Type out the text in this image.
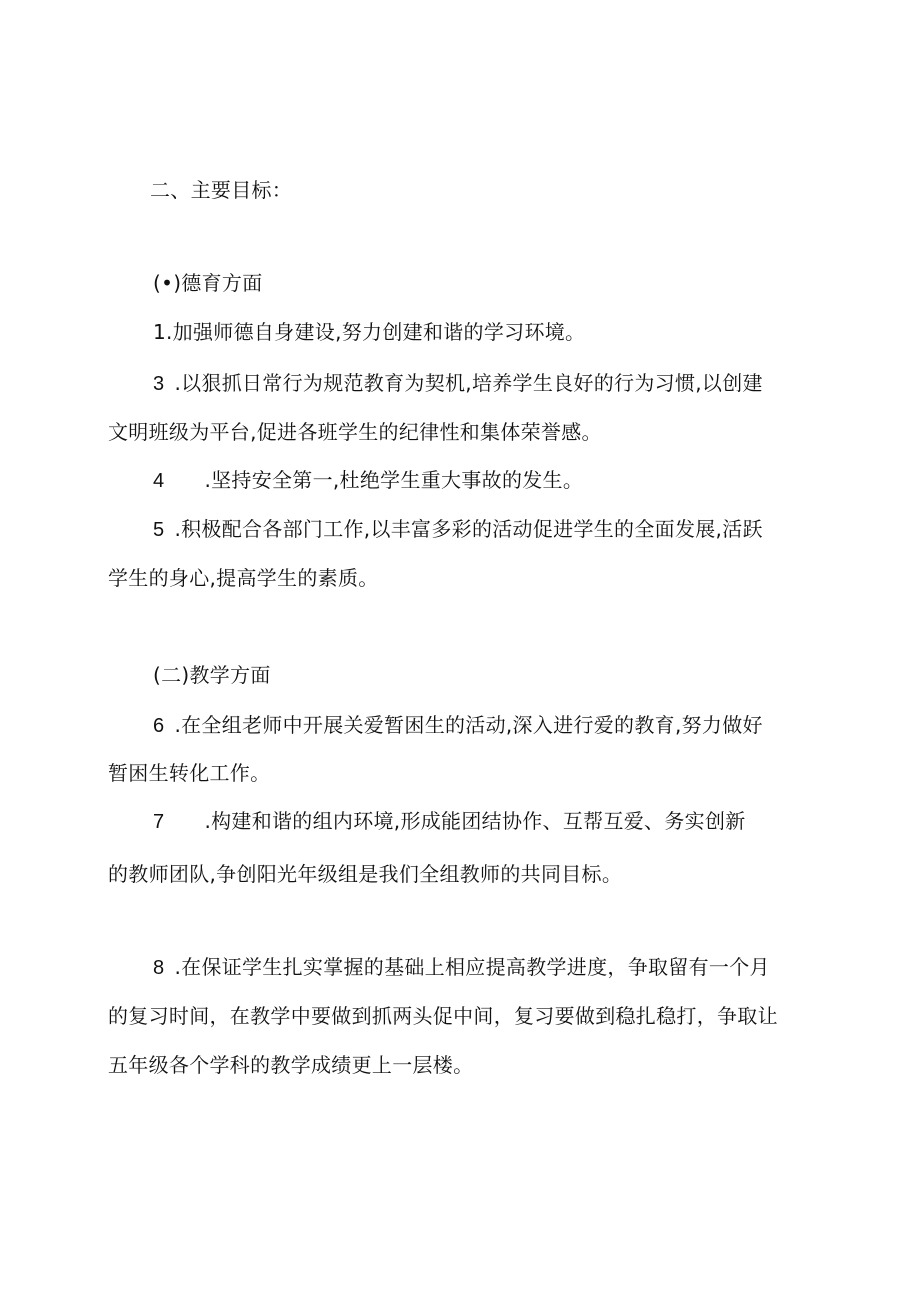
二、主要目标：
(•)德育方面
1.加强师德自身建设,努力创建和谐的学习环境。
3 .以狠抓日常行为规范教育为契机,培养学生良好的行为习惯,以创建
文明班级为平台,促进各班学生的纪律性和集体荣誉感。
4 .坚持安全第一,杜绝学生重大事故的发生。
5 .积极配合各部门工作,以丰富多彩的活动促进学生的全面发展,活跃
学生的身心,提高学生的素质。
(二)教学方面
6 .在全组老师中开展关爱暂困生的活动,深入进行爱的教育,努力做好
暂困生转化工作。
7 .构建和谐的组内环境,形成能团结协作、互帮互爱、务实创新
的教师团队,争创阳光年级组是我们全组教师的共同目标。
8 .在保证学生扎实掌握的基础上相应提高教学进度，争取留有一个月
的复习时间，在教学中要做到抓两头促中间，复习要做到稳扎稳打，争取让
五年级各个学科的教学成绩更上一层楼。
